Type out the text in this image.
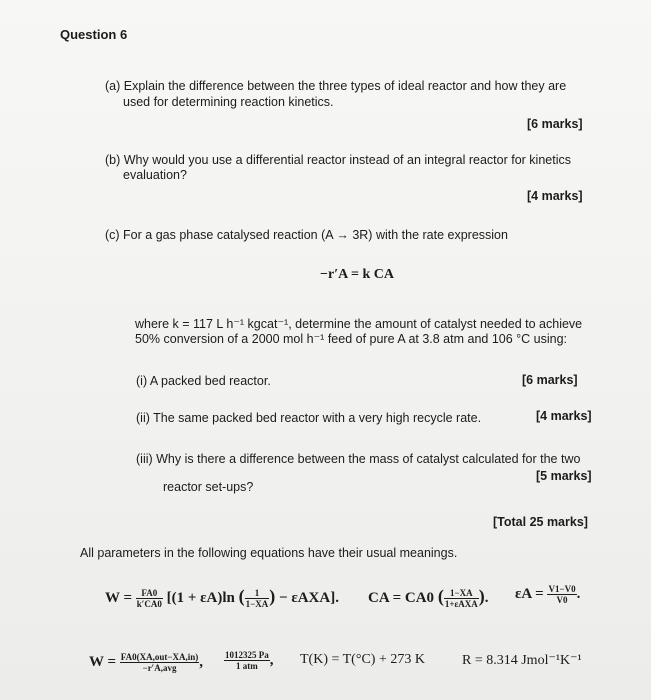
Question 6
(a) Explain the difference between the three types of ideal reactor and how they are
used for determining reaction kinetics.
[6 marks]
(b) Why would you use a differential reactor instead of an integral reactor for kinetics
evaluation?
[4 marks]
(c) For a gas phase catalysed reaction (A → 3R) with the rate expression
−r′A = k CA
where k = 117 L h⁻¹ kgcat⁻¹, determine the amount of catalyst needed to achieve
50% conversion of a 2000 mol h⁻¹ feed of pure A at 3.8 atm and 106 °C using:
(i) A packed bed reactor.	[6 marks]
(ii) The same packed bed reactor with a very high recycle rate.	[4 marks]
(iii) Why is there a difference between the mass of catalyst calculated for the two
reactor set-ups?
[5 marks]
[Total 25 marks]
All parameters in the following equations have their usual meanings.
$W = \frac{FA0}{k'CA0} [(1 + \varepsilon A)\ln$ ( $\frac{1}{1-XA}$ ) − εAXA]. CA = CA0 ( $\frac{1-XA}{\text{1+εAXA}}$ ). $\varepsilon A = \frac{V1-V0}{V0}$ .
$W = \frac{\text{FA0(XA,out−XA,in)}}{\text{−r′A,avg}}$ , $\frac{1012325 Pa}{\text{1 atm}}$ , T(K) = T(°C) + 273 K	R = 8.314 Jmol⁻¹K⁻¹
